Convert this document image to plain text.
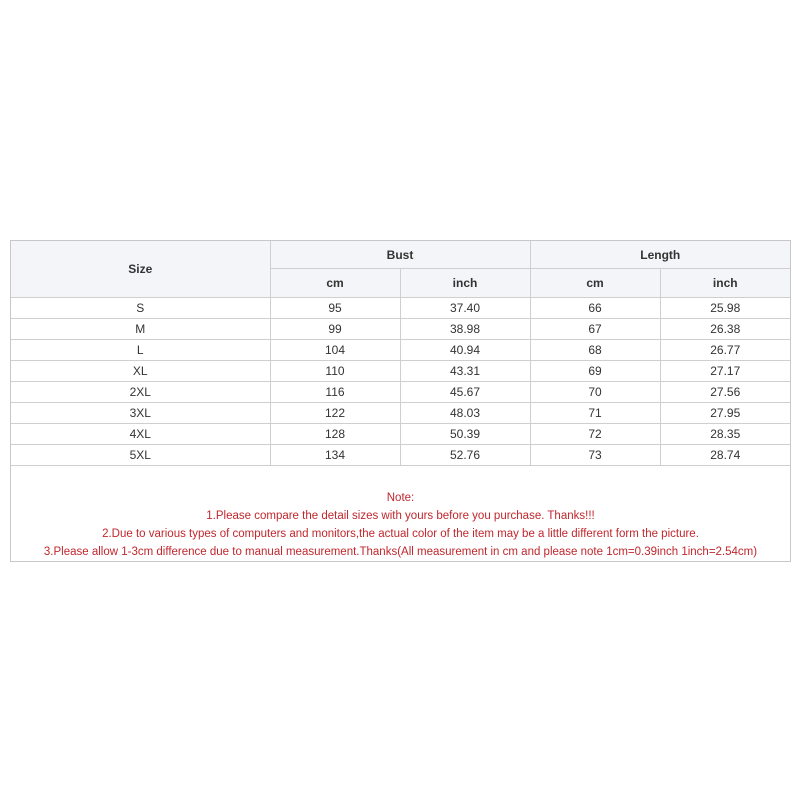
Size	Bust		Length	
	cm	inch	cm	inch
S	95	37.40	66	25.98
M	99	38.98	67	26.38
L	104	40.94	68	26.77
XL	110	43.31	69	27.17
2XL	116	45.67	70	27.56
3XL	122	48.03	71	27.95
4XL	128	50.39	72	28.35
5XL	134	52.76	73	28.74
Note:
1.Please compare the detail sizes with yours before you purchase. Thanks!!!
2.Due to various types of computers and monitors,the actual color of the item may be a little different form the picture.
3.Please allow 1-3cm difference due to manual measurement.Thanks(All measurement in cm and please note 1cm=0.39inch 1inch=2.54cm)
